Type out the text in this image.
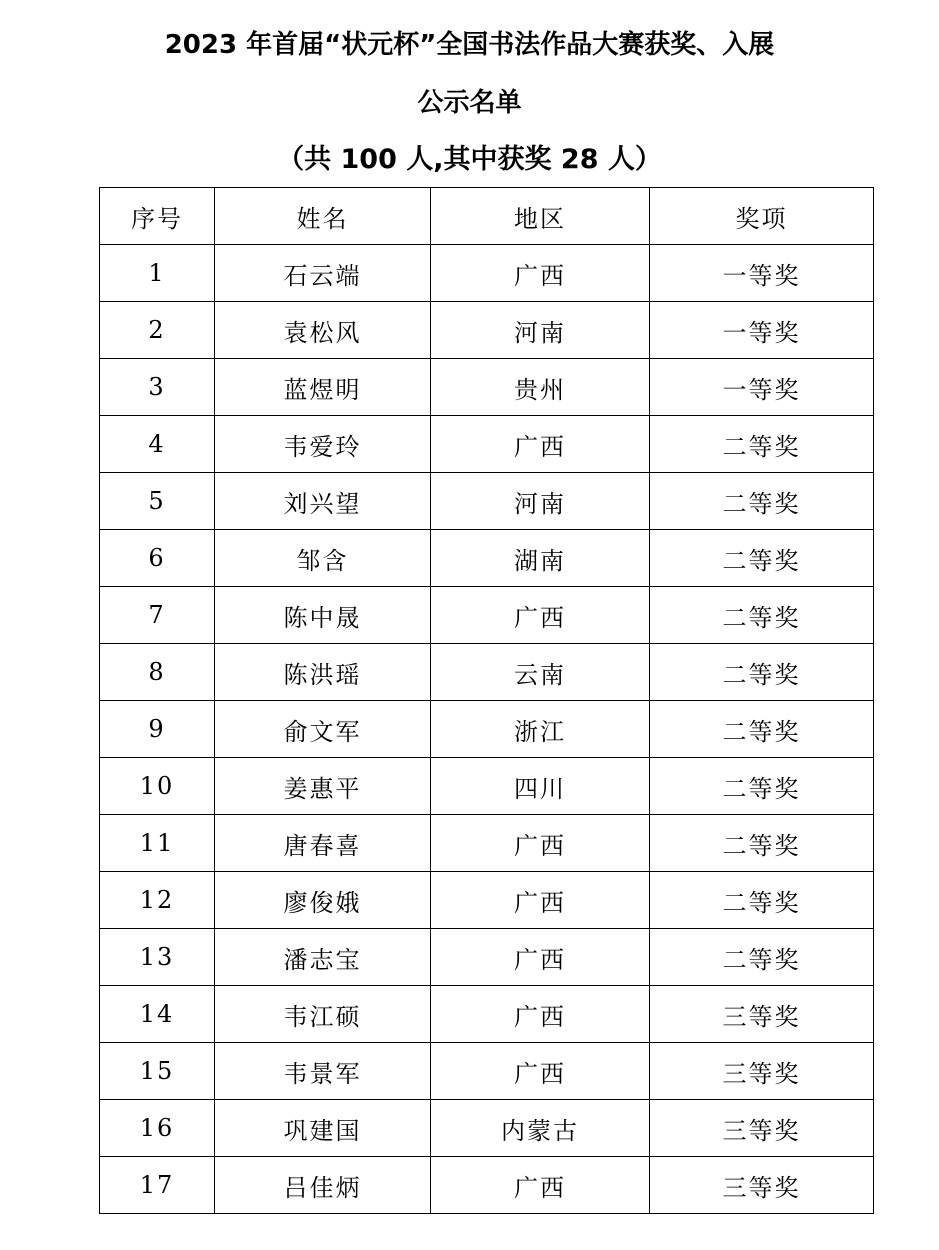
2023 年首届“状元杯”全国书法作品大赛获奖、入展
公示名单
（共 100 人,其中获奖 28 人）
序号	姓名	地区	奖项
1	石云端	广西	一等奖
2	袁松风	河南	一等奖
3	蓝煜明	贵州	一等奖
4	韦爱玲	广西	二等奖
5	刘兴望	河南	二等奖
6	邹含	湖南	二等奖
7	陈中晟	广西	二等奖
8	陈洪瑶	云南	二等奖
9	俞文军	浙江	二等奖
10	姜惠平	四川	二等奖
11	唐春喜	广西	二等奖
12	廖俊娥	广西	二等奖
13	潘志宝	广西	二等奖
14	韦江硕	广西	三等奖
15	韦景军	广西	三等奖
16	巩建国	内蒙古	三等奖
17	吕佳炳	广西	三等奖
